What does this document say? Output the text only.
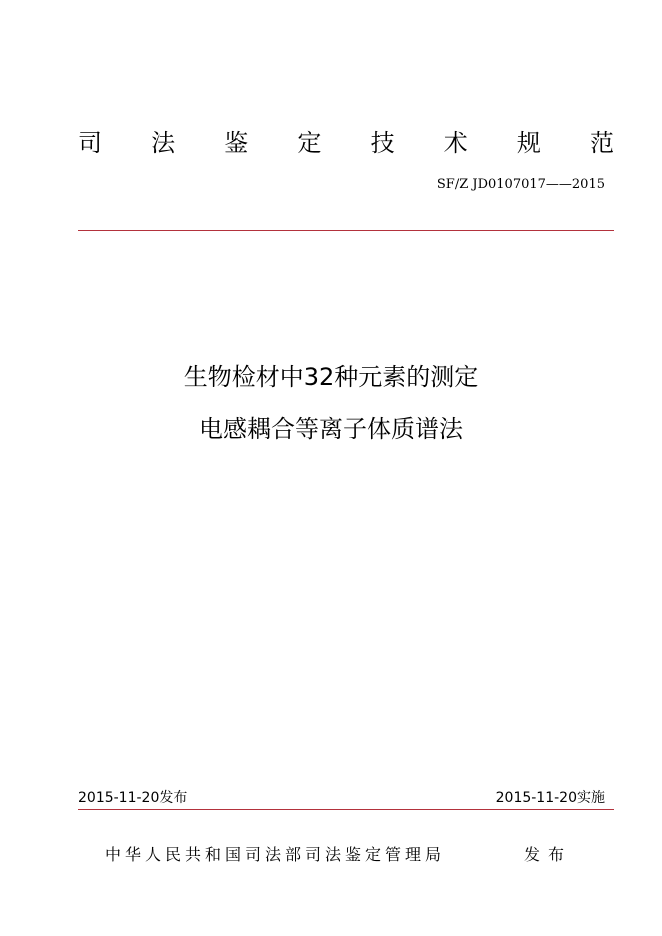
司 法 鉴 定 技 术 规 范
SF/Z JD0107017——2015
生物检材中32种元素的测定
电感耦合等离子体质谱法
2015-11-20发布	2015-11-20实施
中华人民共和国司法部司法鉴定管理局	发布
